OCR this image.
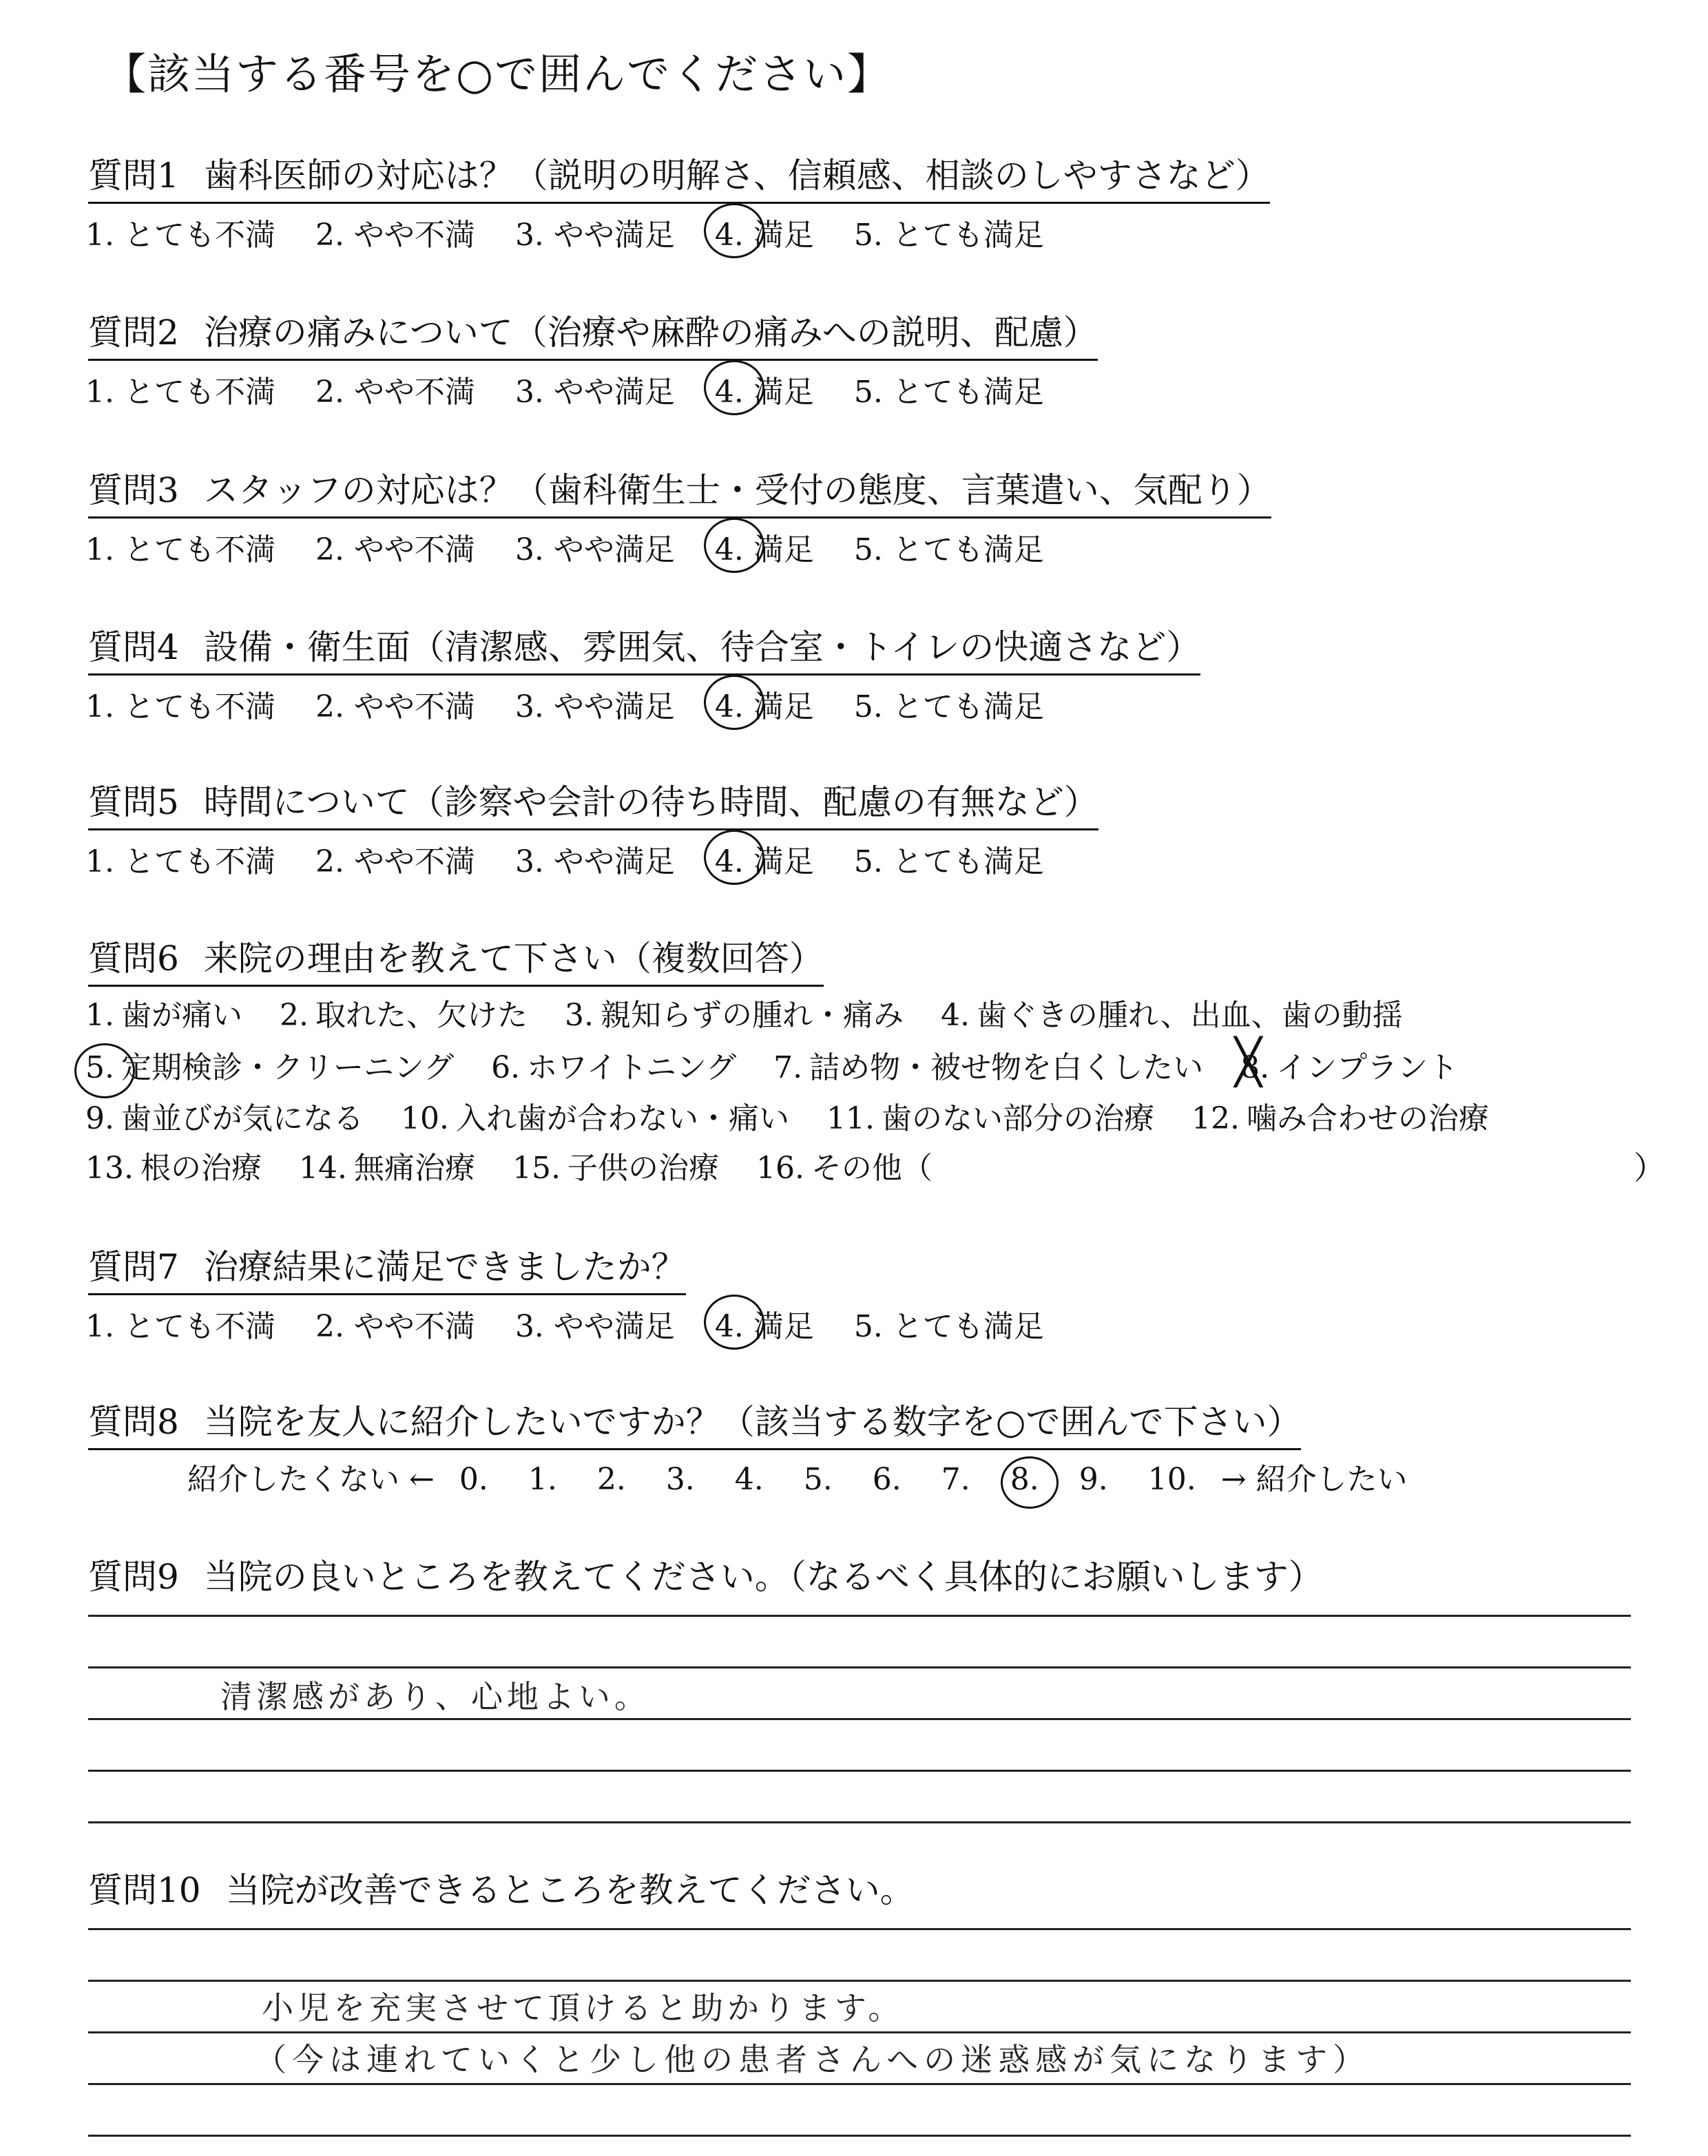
【該当する番号を○で囲んでください】
質問1 歯科医師の対応は？（説明の明解さ、信頼感、相談のしやすさなど）
1. とても不満 2. やや不満 3. やや満足 4. 満足 5. とても満足
質問2 治療の痛みについて（治療や麻酔の痛みへの説明、配慮）
1. とても不満 2. やや不満 3. やや満足 4. 満足 5. とても満足
質問3 スタッフの対応は？（歯科衛生士・受付の態度、言葉遣い、気配り）
1. とても不満 2. やや不満 3. やや満足 4. 満足 5. とても満足
質問4 設備・衛生面（清潔感、雰囲気、待合室・トイレの快適さなど）
1. とても不満 2. やや不満 3. やや満足 4. 満足 5. とても満足
質問5 時間について（診察や会計の待ち時間、配慮の有無など）
1. とても不満 2. やや不満 3. やや満足 4. 満足 5. とても満足
質問6 来院の理由を教えて下さい（複数回答）
1. 歯が痛い 2. 取れた、欠けた 3. 親知らずの腫れ・痛み 4. 歯ぐきの腫れ、出血、歯の動揺
5. 定期検診・クリーニング 6. ホワイトニング 7. 詰め物・被せ物を白くしたい 8. ╳ インプラント
9. 歯並びが気になる 10. 入れ歯が合わない・痛い 11. 歯のない部分の治療 12. 噛み合わせの治療
13. 根の治療 14. 無痛治療 15. 子供の治療 16. その他（	）
質問7 治療結果に満足できましたか？
1. とても不満 2. やや不満 3. やや満足 4. 満足 5. とても満足
質問8 当院を友人に紹介したいですか？（該当する数字を○で囲んで下さい）
紹介したくない ← 0. 1. 2. 3. 4. 5. 6. 7. 8. 9. 10. → 紹介したい
質問9 当院の良いところを教えてください。（なるべく具体的にお願いします）
清潔感があり、心地よい。
質問10 当院が改善できるところを教えてください。
小児を充実させて頂けると助かります。
（今は連れていくと少し他の患者さんへの迷惑感が気になります）
